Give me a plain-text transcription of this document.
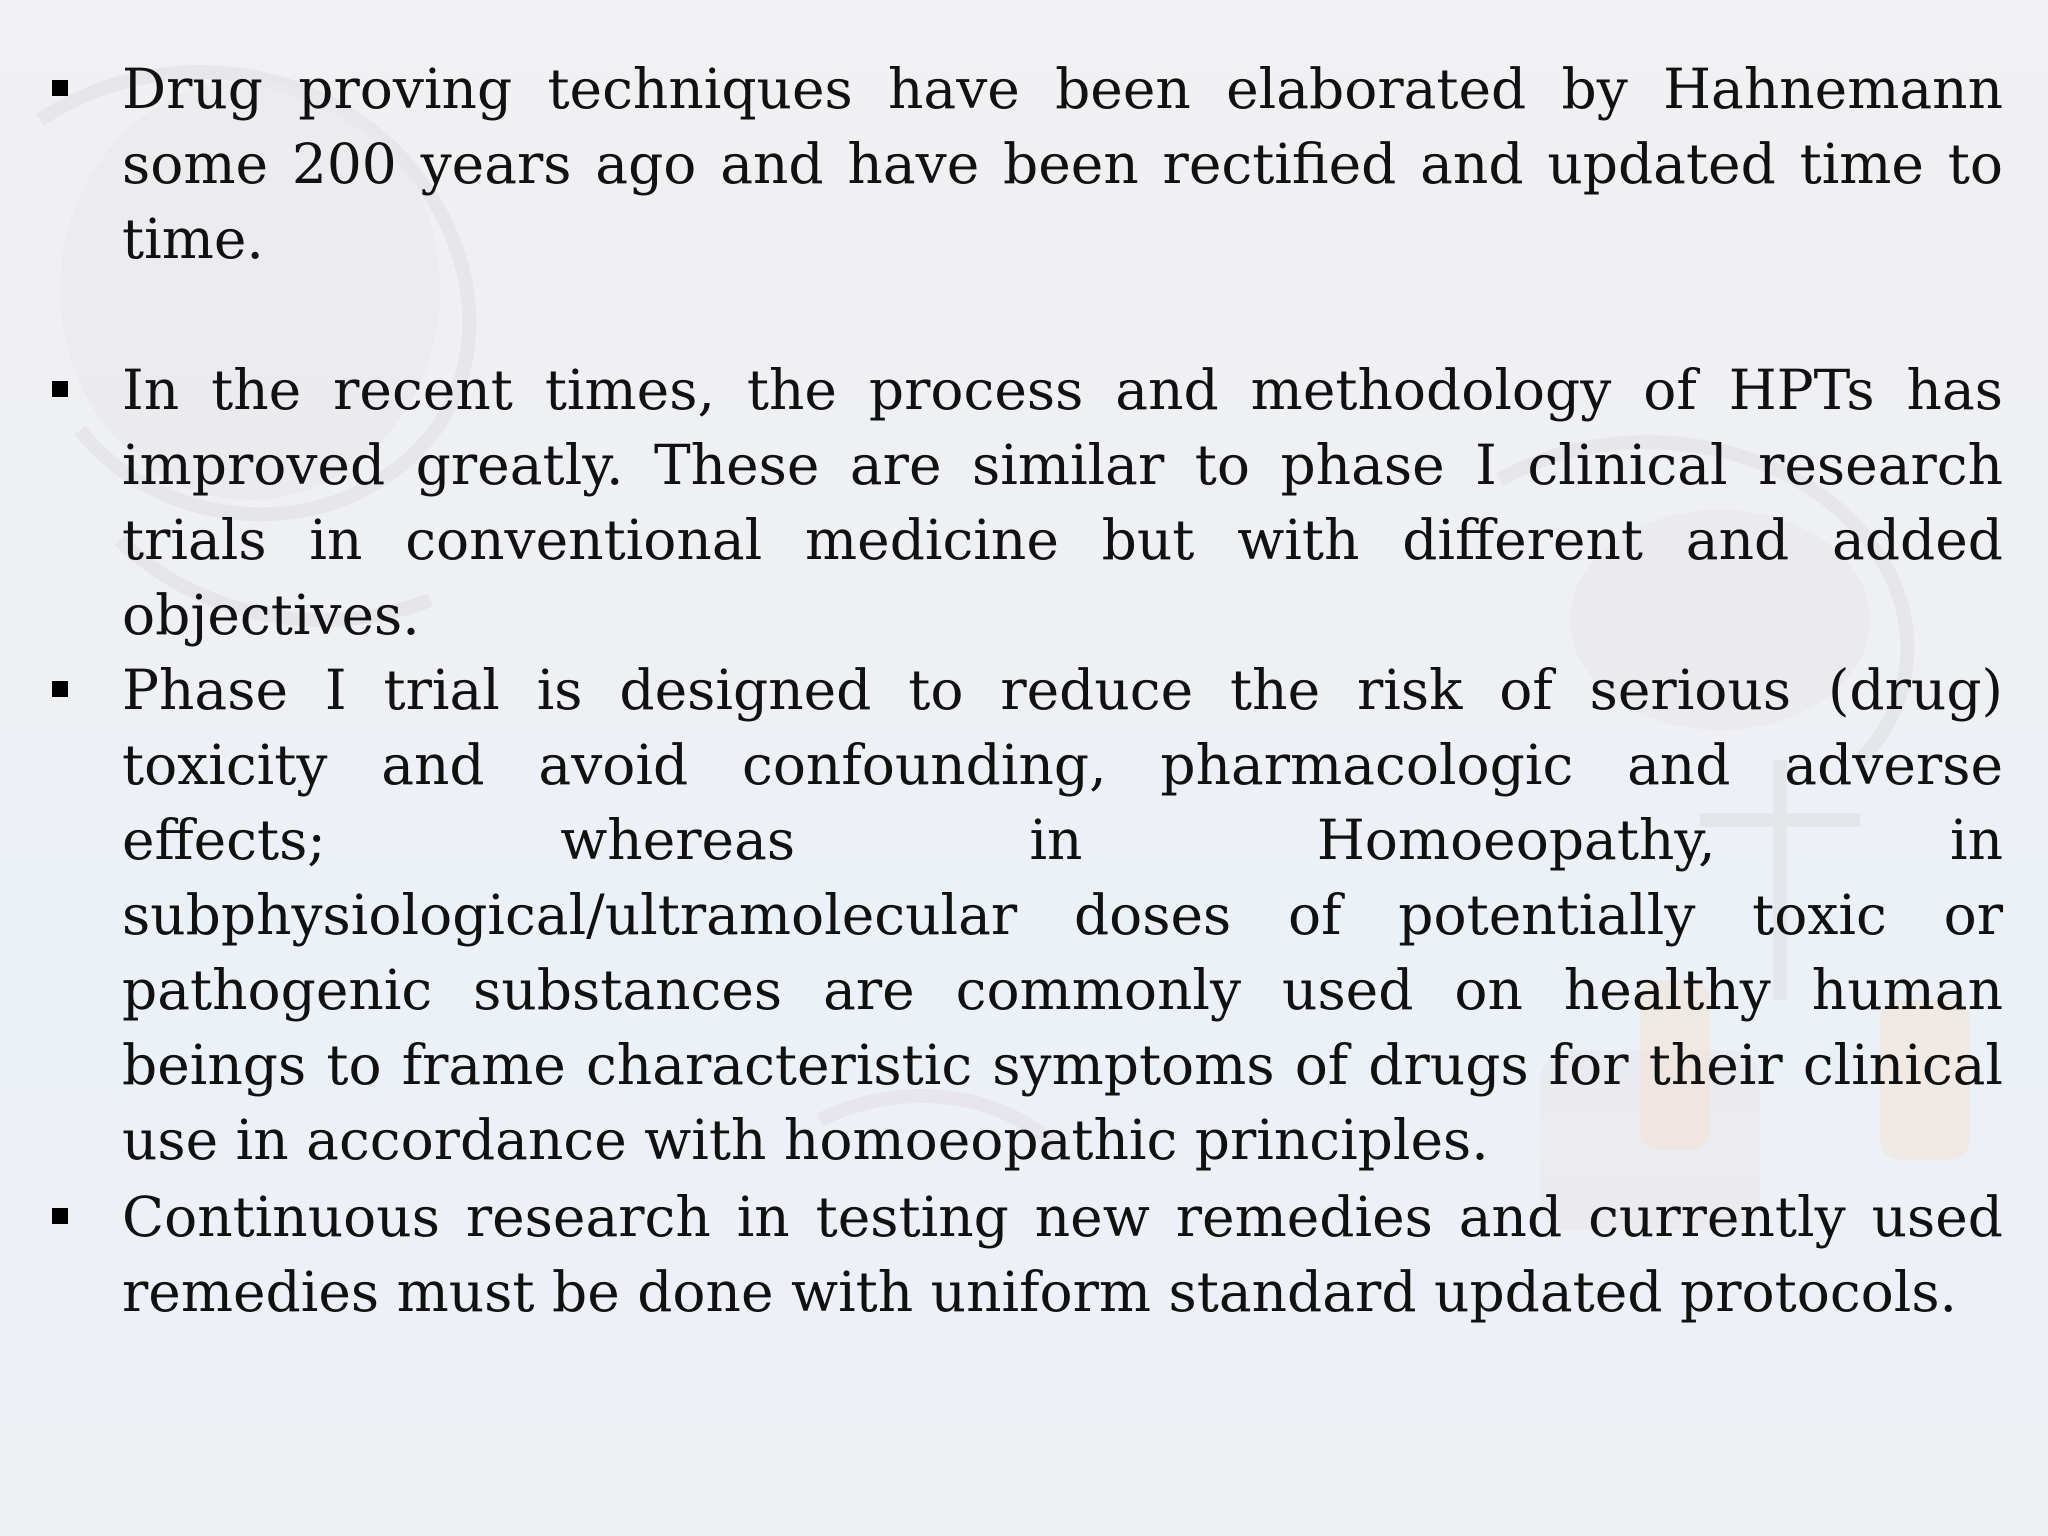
Drug proving techniques have been elaborated by Hahnemann some 200 years ago and have been rectified and updated time to time.
In the recent times, the process and methodology of HPTs has improved greatly. These are similar to phase I clinical research trials in conventional medicine but with different and added objectives.
Phase I trial is designed to reduce the risk of serious (drug) toxicity and avoid confounding, pharmacologic and adverse effects; whereas in Homoeopathy, in subphysiological/ultramolecular doses of potentially toxic or pathogenic substances are commonly used on healthy human beings to frame characteristic symptoms of drugs for their clinical use in accordance with homoeopathic principles.
Continuous research in testing new remedies and currently used remedies must be done with uniform standard updated protocols.
